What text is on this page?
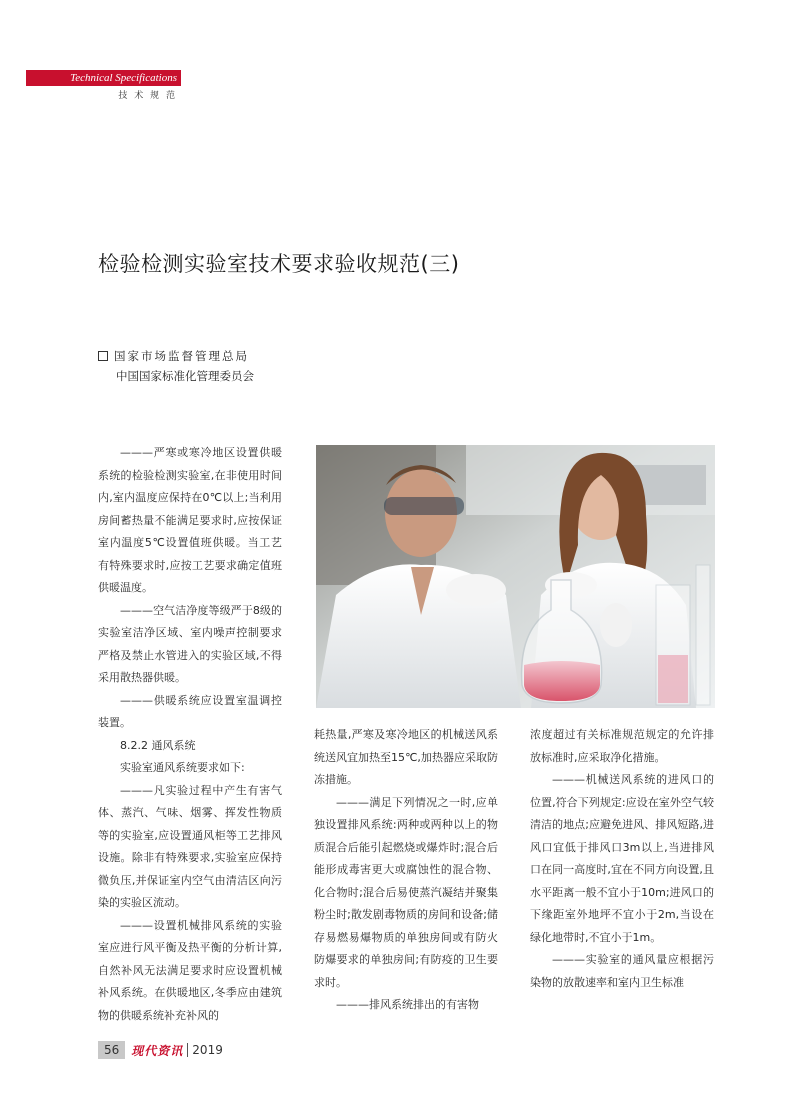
Technical Specifications
技 术 规 范
检验检测实验室技术要求验收规范(三)
国家市场监督管理总局
中国国家标准化管理委员会

———严寒或寒冷地区设置供暖系统的检验检测实验室,在非使用时间内,室内温度应保持在0℃以上;当利用房间蓄热量不能满足要求时,应按保证室内温度5℃设置值班供暖。当工艺有特殊要求时,应按工艺要求确定值班供暖温度。

———空气洁净度等级严于8级的实验室洁净区域、室内噪声控制要求严格及禁止水管进入的实验区域,不得采用散热器供暖。

———供暖系统应设置室温调控装置。

8.2.2 通风系统

实验室通风系统要求如下:

———凡实验过程中产生有害气体、蒸汽、气味、烟雾、挥发性物质等的实验室,应设置通风柜等工艺排风设施。除非有特殊要求,实验室应保持微负压,并保证室内空气由清洁区向污染的实验区流动。

———设置机械排风系统的实验室应进行风平衡及热平衡的分析计算,自然补风无法满足要求时应设置机械补风系统。在供暖地区,冬季应由建筑物的供暖系统补充补风的

耗热量,严寒及寒冷地区的机械送风系统送风宜加热至15℃,加热器应采取防冻措施。

———满足下列情况之一时,应单独设置排风系统:两种或两种以上的物质混合后能引起燃烧或爆炸时;混合后能形成毒害更大或腐蚀性的混合物、化合物时;混合后易使蒸汽凝结并聚集粉尘时;散发剧毒物质的房间和设备;储存易燃易爆物质的单独房间或有防火防爆要求的单独房间;有防疫的卫生要求时。

———排风系统排出的有害物

浓度超过有关标准规范规定的允许排放标准时,应采取净化措施。

———机械送风系统的进风口的位置,符合下列规定:应设在室外空气较清洁的地点;应避免进风、排风短路,进风口宜低于排风口3m以上,当进排风口在同一高度时,宜在不同方向设置,且水平距离一般不宜小于10m;进风口的下缘距室外地坪不宜小于2m,当设在绿化地带时,不宜小于1m。

———实验室的通风量应根据污染物的放散速率和室内卫生标准

56	现代资讯 2019
